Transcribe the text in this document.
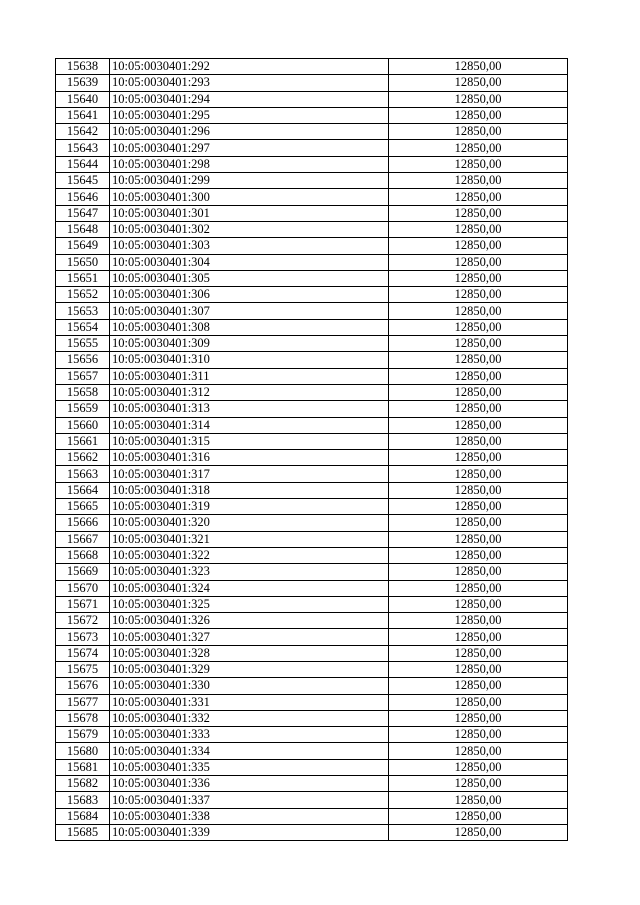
15638	10:05:0030401:292	12850,00
15639	10:05:0030401:293	12850,00
15640	10:05:0030401:294	12850,00
15641	10:05:0030401:295	12850,00
15642	10:05:0030401:296	12850,00
15643	10:05:0030401:297	12850,00
15644	10:05:0030401:298	12850,00
15645	10:05:0030401:299	12850,00
15646	10:05:0030401:300	12850,00
15647	10:05:0030401:301	12850,00
15648	10:05:0030401:302	12850,00
15649	10:05:0030401:303	12850,00
15650	10:05:0030401:304	12850,00
15651	10:05:0030401:305	12850,00
15652	10:05:0030401:306	12850,00
15653	10:05:0030401:307	12850,00
15654	10:05:0030401:308	12850,00
15655	10:05:0030401:309	12850,00
15656	10:05:0030401:310	12850,00
15657	10:05:0030401:311	12850,00
15658	10:05:0030401:312	12850,00
15659	10:05:0030401:313	12850,00
15660	10:05:0030401:314	12850,00
15661	10:05:0030401:315	12850,00
15662	10:05:0030401:316	12850,00
15663	10:05:0030401:317	12850,00
15664	10:05:0030401:318	12850,00
15665	10:05:0030401:319	12850,00
15666	10:05:0030401:320	12850,00
15667	10:05:0030401:321	12850,00
15668	10:05:0030401:322	12850,00
15669	10:05:0030401:323	12850,00
15670	10:05:0030401:324	12850,00
15671	10:05:0030401:325	12850,00
15672	10:05:0030401:326	12850,00
15673	10:05:0030401:327	12850,00
15674	10:05:0030401:328	12850,00
15675	10:05:0030401:329	12850,00
15676	10:05:0030401:330	12850,00
15677	10:05:0030401:331	12850,00
15678	10:05:0030401:332	12850,00
15679	10:05:0030401:333	12850,00
15680	10:05:0030401:334	12850,00
15681	10:05:0030401:335	12850,00
15682	10:05:0030401:336	12850,00
15683	10:05:0030401:337	12850,00
15684	10:05:0030401:338	12850,00
15685	10:05:0030401:339	12850,00
